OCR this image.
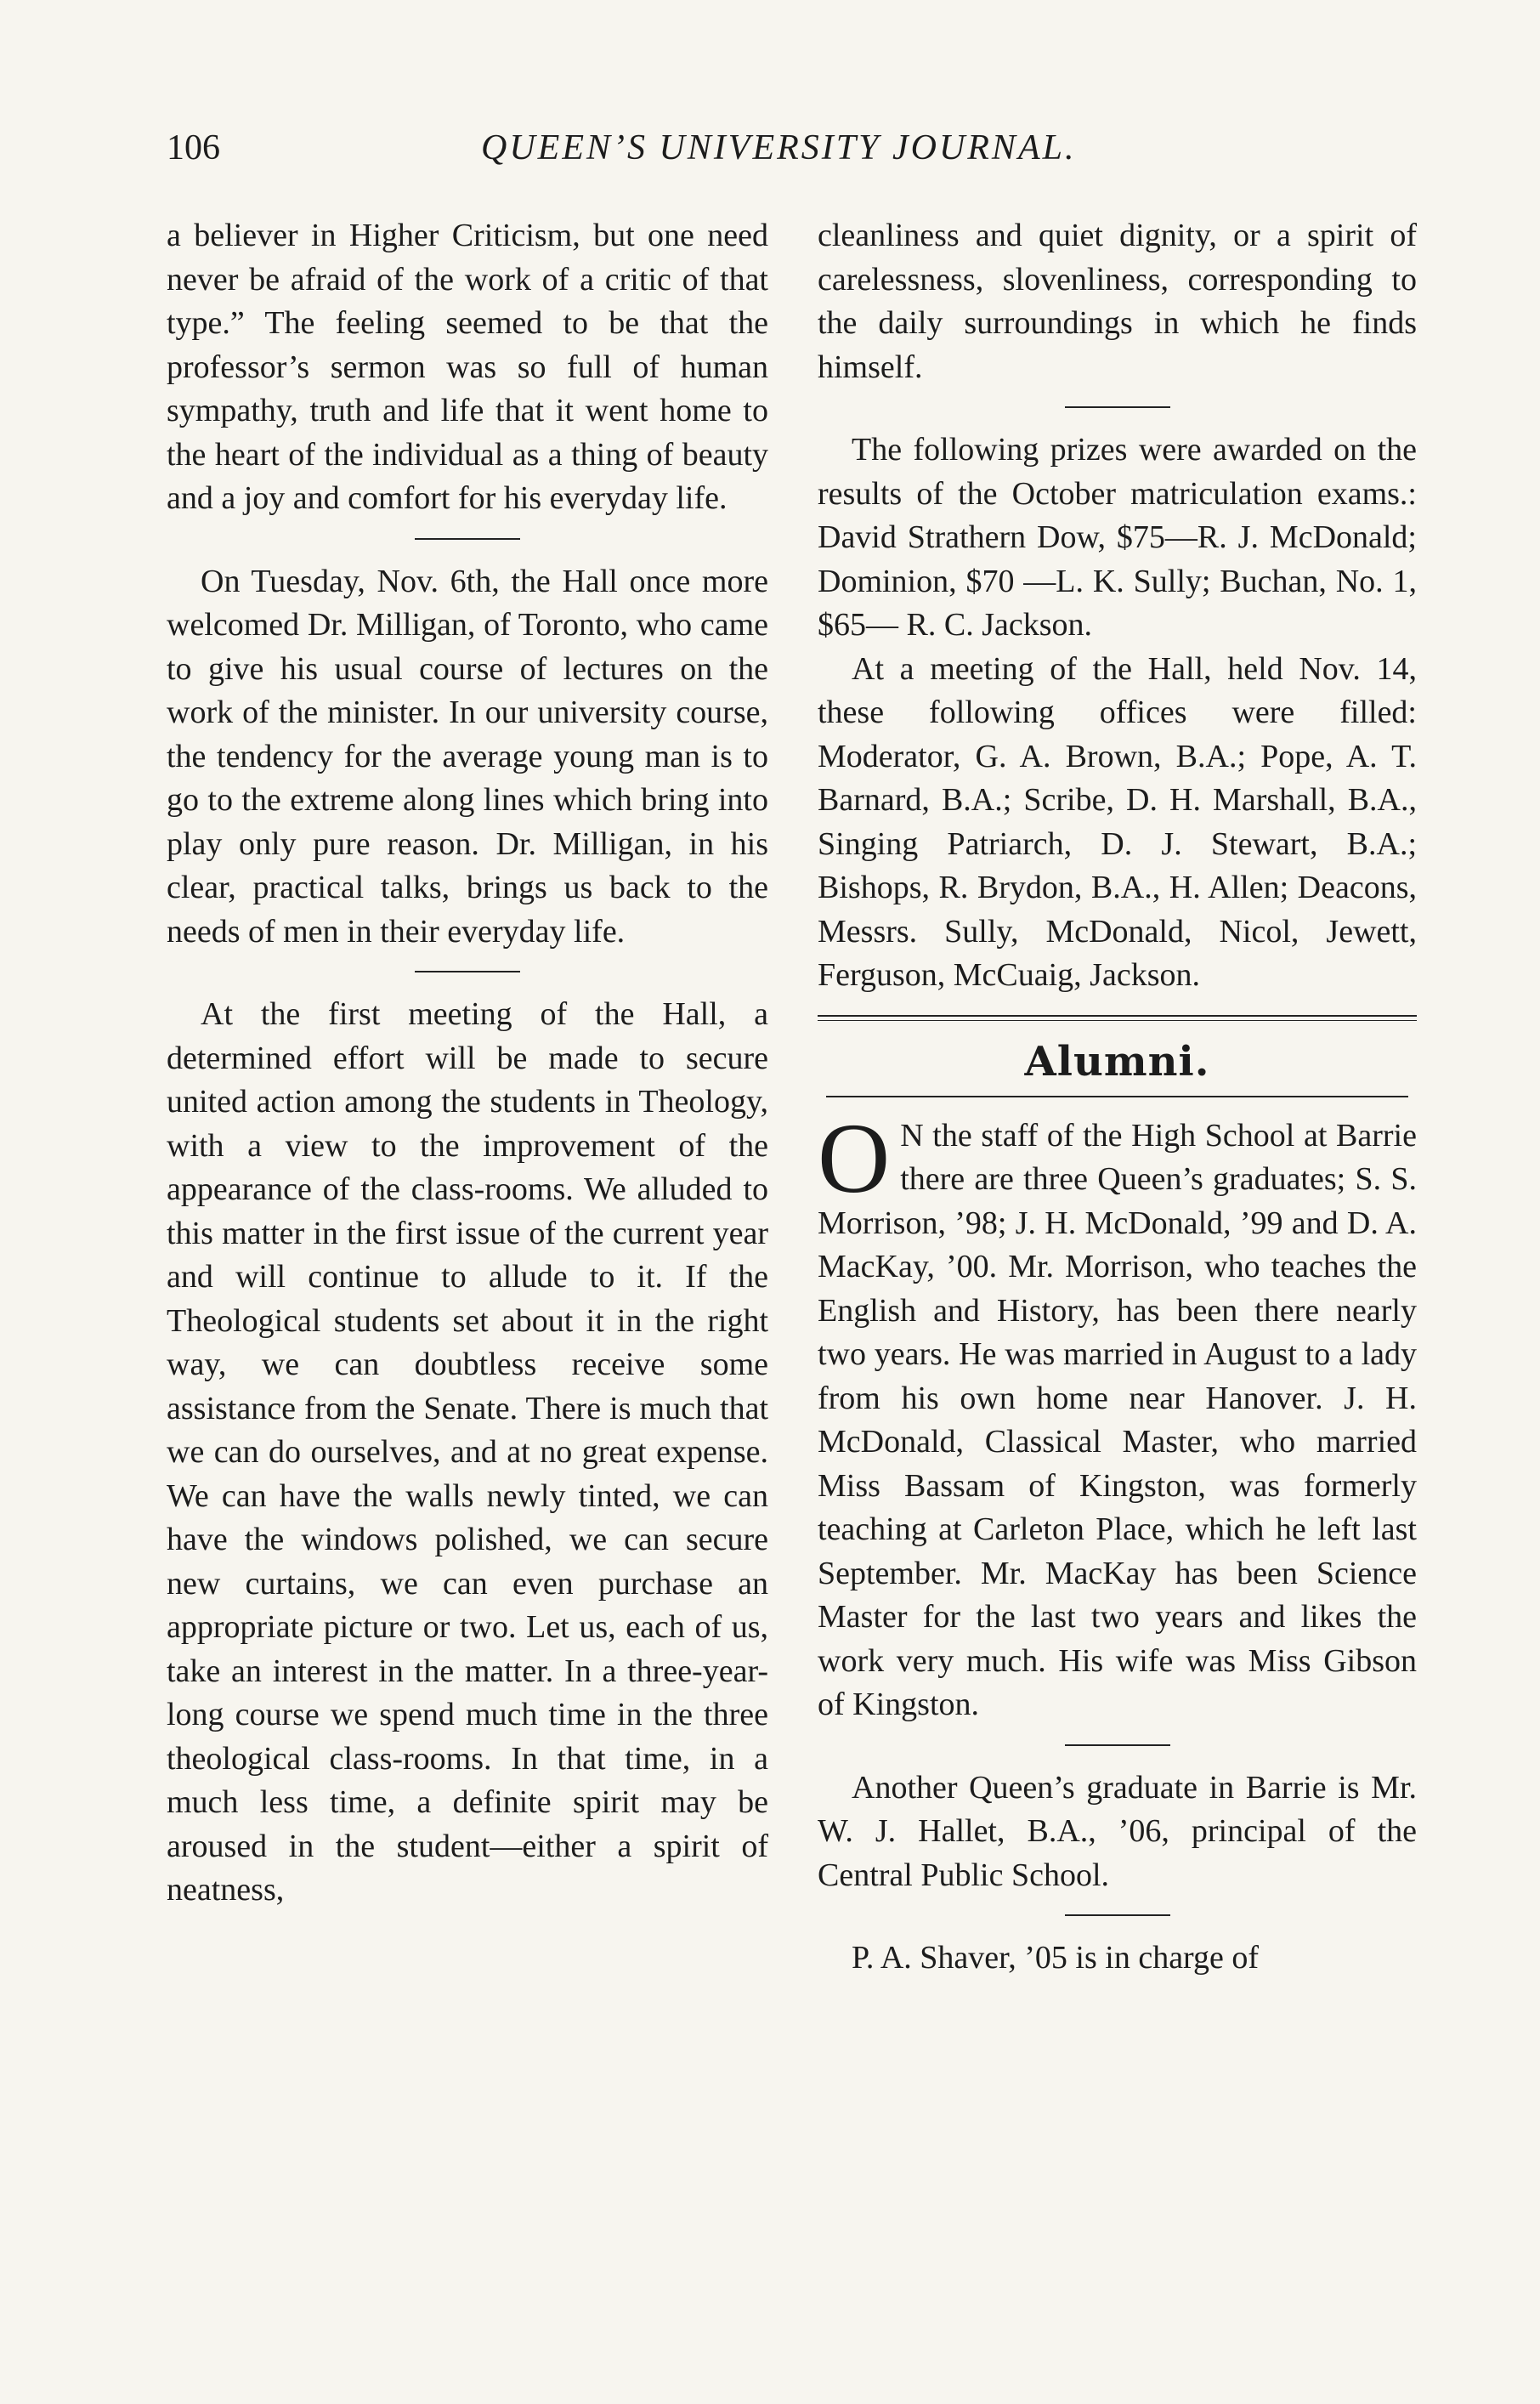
106	QUEEN’S UNIVERSITY JOURNAL.

a believer in Higher Criticism, but one need never be afraid of the work of a critic of that type.” The feeling seemed to be that the professor’s sermon was so full of human sympathy, truth and life that it went home to the heart of the individual as a thing of beauty and a joy and comfort for his everyday life.

On Tuesday, Nov. 6th, the Hall once more welcomed Dr. Milligan, of Toronto, who came to give his usual course of lectures on the work of the minister. In our university course, the tendency for the average young man is to go to the extreme along lines which bring into play only pure reason. Dr. Milligan, in his clear, practical talks, brings us back to the needs of men in their everyday life.

At the first meeting of the Hall, a determined effort will be made to secure united action among the students in Theology, with a view to the improvement of the appearance of the class-rooms. We alluded to this matter in the first issue of the current year and will continue to allude to it. If the Theological students set about it in the right way, we can doubtless receive some assistance from the Senate. There is much that we can do ourselves, and at no great expense. We can have the walls newly tinted, we can have the windows polished, we can secure new curtains, we can even purchase an appropriate picture or two. Let us, each of us, take an interest in the matter. In a three-year-long course we spend much time in the three theological class-rooms. In that time, in a much less time, a definite spirit may be aroused in the student—either a spirit of neatness,

cleanliness and quiet dignity, or a spirit of carelessness, slovenliness, corresponding to the daily surroundings in which he finds himself.

The following prizes were awarded on the results of the October matriculation exams.: David Strathern Dow, $75—R. J. McDonald; Dominion, $70 —L. K. Sully; Buchan, No. 1, $65— R. C. Jackson.

At a meeting of the Hall, held Nov. 14, these following offices were filled: Moderator, G. A. Brown, B.A.; Pope, A. T. Barnard, B.A.; Scribe, D. H. Marshall, B.A., Singing Patriarch, D. J. Stewart, B.A.; Bishops, R. Brydon, B.A., H. Allen; Deacons, Messrs. Sully, McDonald, Nicol, Jewett, Ferguson, McCuaig, Jackson.

Alumni.

O N the staff of the High School at Barrie there are three Queen’s graduates; S. S. Morrison, ’98; J. H. McDonald, ’99 and D. A. MacKay, ’00. Mr. Morrison, who teaches the English and History, has been there nearly two years. He was married in August to a lady from his own home near Hanover. J. H. McDonald, Classical Master, who married Miss Bassam of Kingston, was formerly teaching at Carleton Place, which he left last September. Mr. MacKay has been Science Master for the last two years and likes the work very much. His wife was Miss Gibson of Kingston.

Another Queen’s graduate in Barrie is Mr. W. J. Hallet, B.A., ’06, principal of the Central Public School.

P. A. Shaver, ’05 is in charge of
